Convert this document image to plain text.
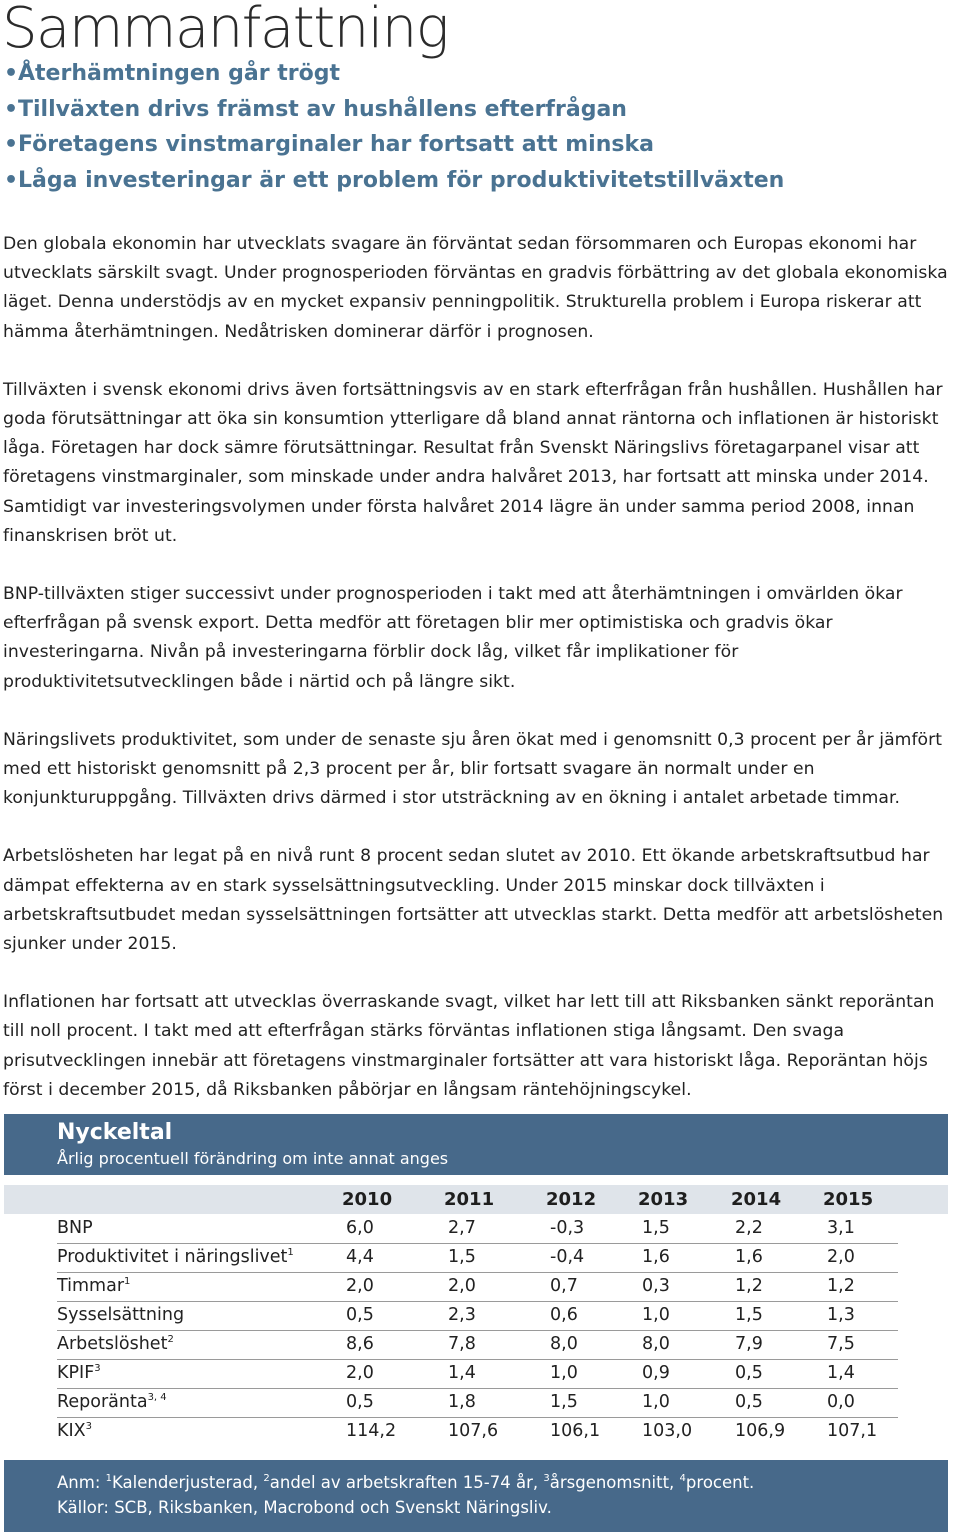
Sammanfattning
•Återhämtningen går trögt
•Tillväxten drivs främst av hushållens efterfrågan
•Företagens vinstmarginaler har fortsatt att minska
•Låga investeringar är ett problem för produktivitetstillväxten

Den globala ekonomin har utvecklats svagare än förväntat sedan försommaren och Europas ekonomi har utvecklats särskilt svagt. Under prognosperioden förväntas en gradvis förbättring av det globala ekonomiska läget. Denna understödjs av en mycket expansiv penningpolitik. Strukturella problem i Europa riskerar att hämma återhämtningen. Nedåtrisken dominerar därför i prognosen.

Tillväxten i svensk ekonomi drivs även fortsättningsvis av en stark efterfrågan från hushållen. Hushållen har goda förutsättningar att öka sin konsumtion ytterligare då bland annat räntorna och inflationen är historiskt låga. Företagen har dock sämre förutsättningar. Resultat från Svenskt Näringslivs företagarpanel visar att företagens vinstmarginaler, som minskade under andra halvåret 2013, har fortsatt att minska under 2014. Samtidigt var investeringsvolymen under första halvåret 2014 lägre än under samma period 2008, innan finanskrisen bröt ut.

BNP-tillväxten stiger successivt under prognosperioden i takt med att återhämtningen i omvärlden ökar efterfrågan på svensk export. Detta medför att företagen blir mer optimistiska och gradvis ökar investeringarna. Nivån på investeringarna förblir dock låg, vilket får implikationer för produktivitetsutvecklingen både i närtid och på längre sikt.

Näringslivets produktivitet, som under de senaste sju åren ökat med i genomsnitt 0,3 procent per år jämfört med ett historiskt genomsnitt på 2,3 procent per år, blir fortsatt svagare än normalt under en konjunkturuppgång. Tillväxten drivs därmed i stor utsträckning av en ökning i antalet arbetade timmar.

Arbetslösheten har legat på en nivå runt 8 procent sedan slutet av 2010. Ett ökande arbetskraftsutbud har dämpat effekterna av en stark sysselsättningsutveckling. Under 2015 minskar dock tillväxten i arbetskraftsutbudet medan sysselsättningen fortsätter att utvecklas starkt. Detta medför att arbetslösheten sjunker under 2015.

Inflationen har fortsatt att utvecklas överraskande svagt, vilket har lett till att Riksbanken sänkt reporäntan till noll procent. I takt med att efterfrågan stärks förväntas inflationen stiga långsamt. Den svaga prisutvecklingen innebär att företagens vinstmarginaler fortsätter att vara historiskt låga. Reporäntan höjs först i december 2015, då Riksbanken påbörjar en långsam räntehöjningscykel.

Nyckeltal
Årlig procentuell förändring om inte annat anges
2010	2011	2012 2013 2014 2015
BNP	6,0	2,7	-0,3	1,5	2,2	3,1
Produktivitet i näringslivet$^1$	4,4	1,5	-0,4	1,6	1,6	2,0
Timmar$^1$	2,0	2,0	0,7	0,3	1,2	1,2
Sysselsättning	0,5	2,3	0,6	1,0	1,5	1,3
Arbetslöshet$^2$	8,6	7,8	8,0	8,0	7,9	7,5
KPIF$^3$	2,0	1,4	1,0	0,9	0,5	1,4
Reporänta$^{3, 4}$	0,5	1,8	1,5	1,0	0,5	0,0
KIX$^3$	114,2	107,6	106,1 103,0 106,9 107,1
Anm: $^1$Kalenderjusterad, $^2$andel av arbetskraften 15-74 år, $^3$årsgenomsnitt, $^4$procent.
Källor: SCB, Riksbanken, Macrobond och Svenskt Näringsliv.
